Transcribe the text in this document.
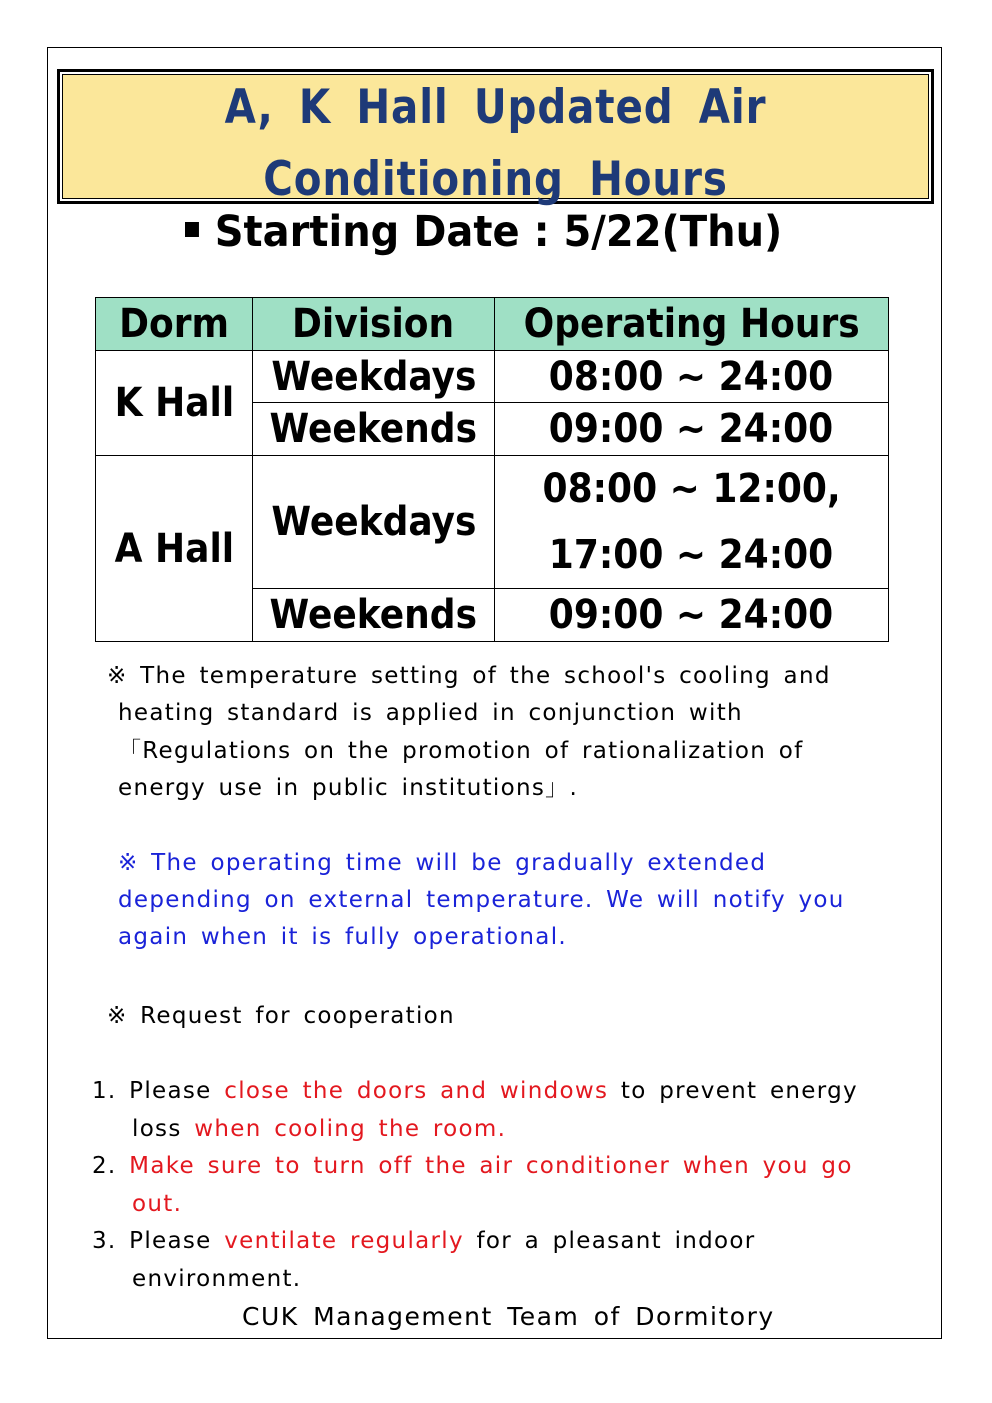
A, K Hall Updated Air Conditioning Hours
Starting Date : 5/22(Thu)
Dorm	Division	Operating Hours
K Hall	Weekdays	08:00 ~ 24:00
	Weekends	09:00 ~ 24:00
A Hall	Weekdays	08:00 ~ 12:00,
17:00 ~ 24:00
	Weekends	09:00 ~ 24:00
※ The temperature setting of the school's cooling and
heating standard is applied in conjunction with
「Regulations on the promotion of rationalization of
energy use in public institutions」.
※ The operating time will be gradually extended
depending on external temperature. We will notify you
again when it is fully operational.
※ Request for cooperation
1. Please close the doors and windows to prevent energy
loss when cooling the room.
2. Make sure to turn off the air conditioner when you go
out.
3. Please ventilate regularly for a pleasant indoor
environment.
CUK Management Team of Dormitory
